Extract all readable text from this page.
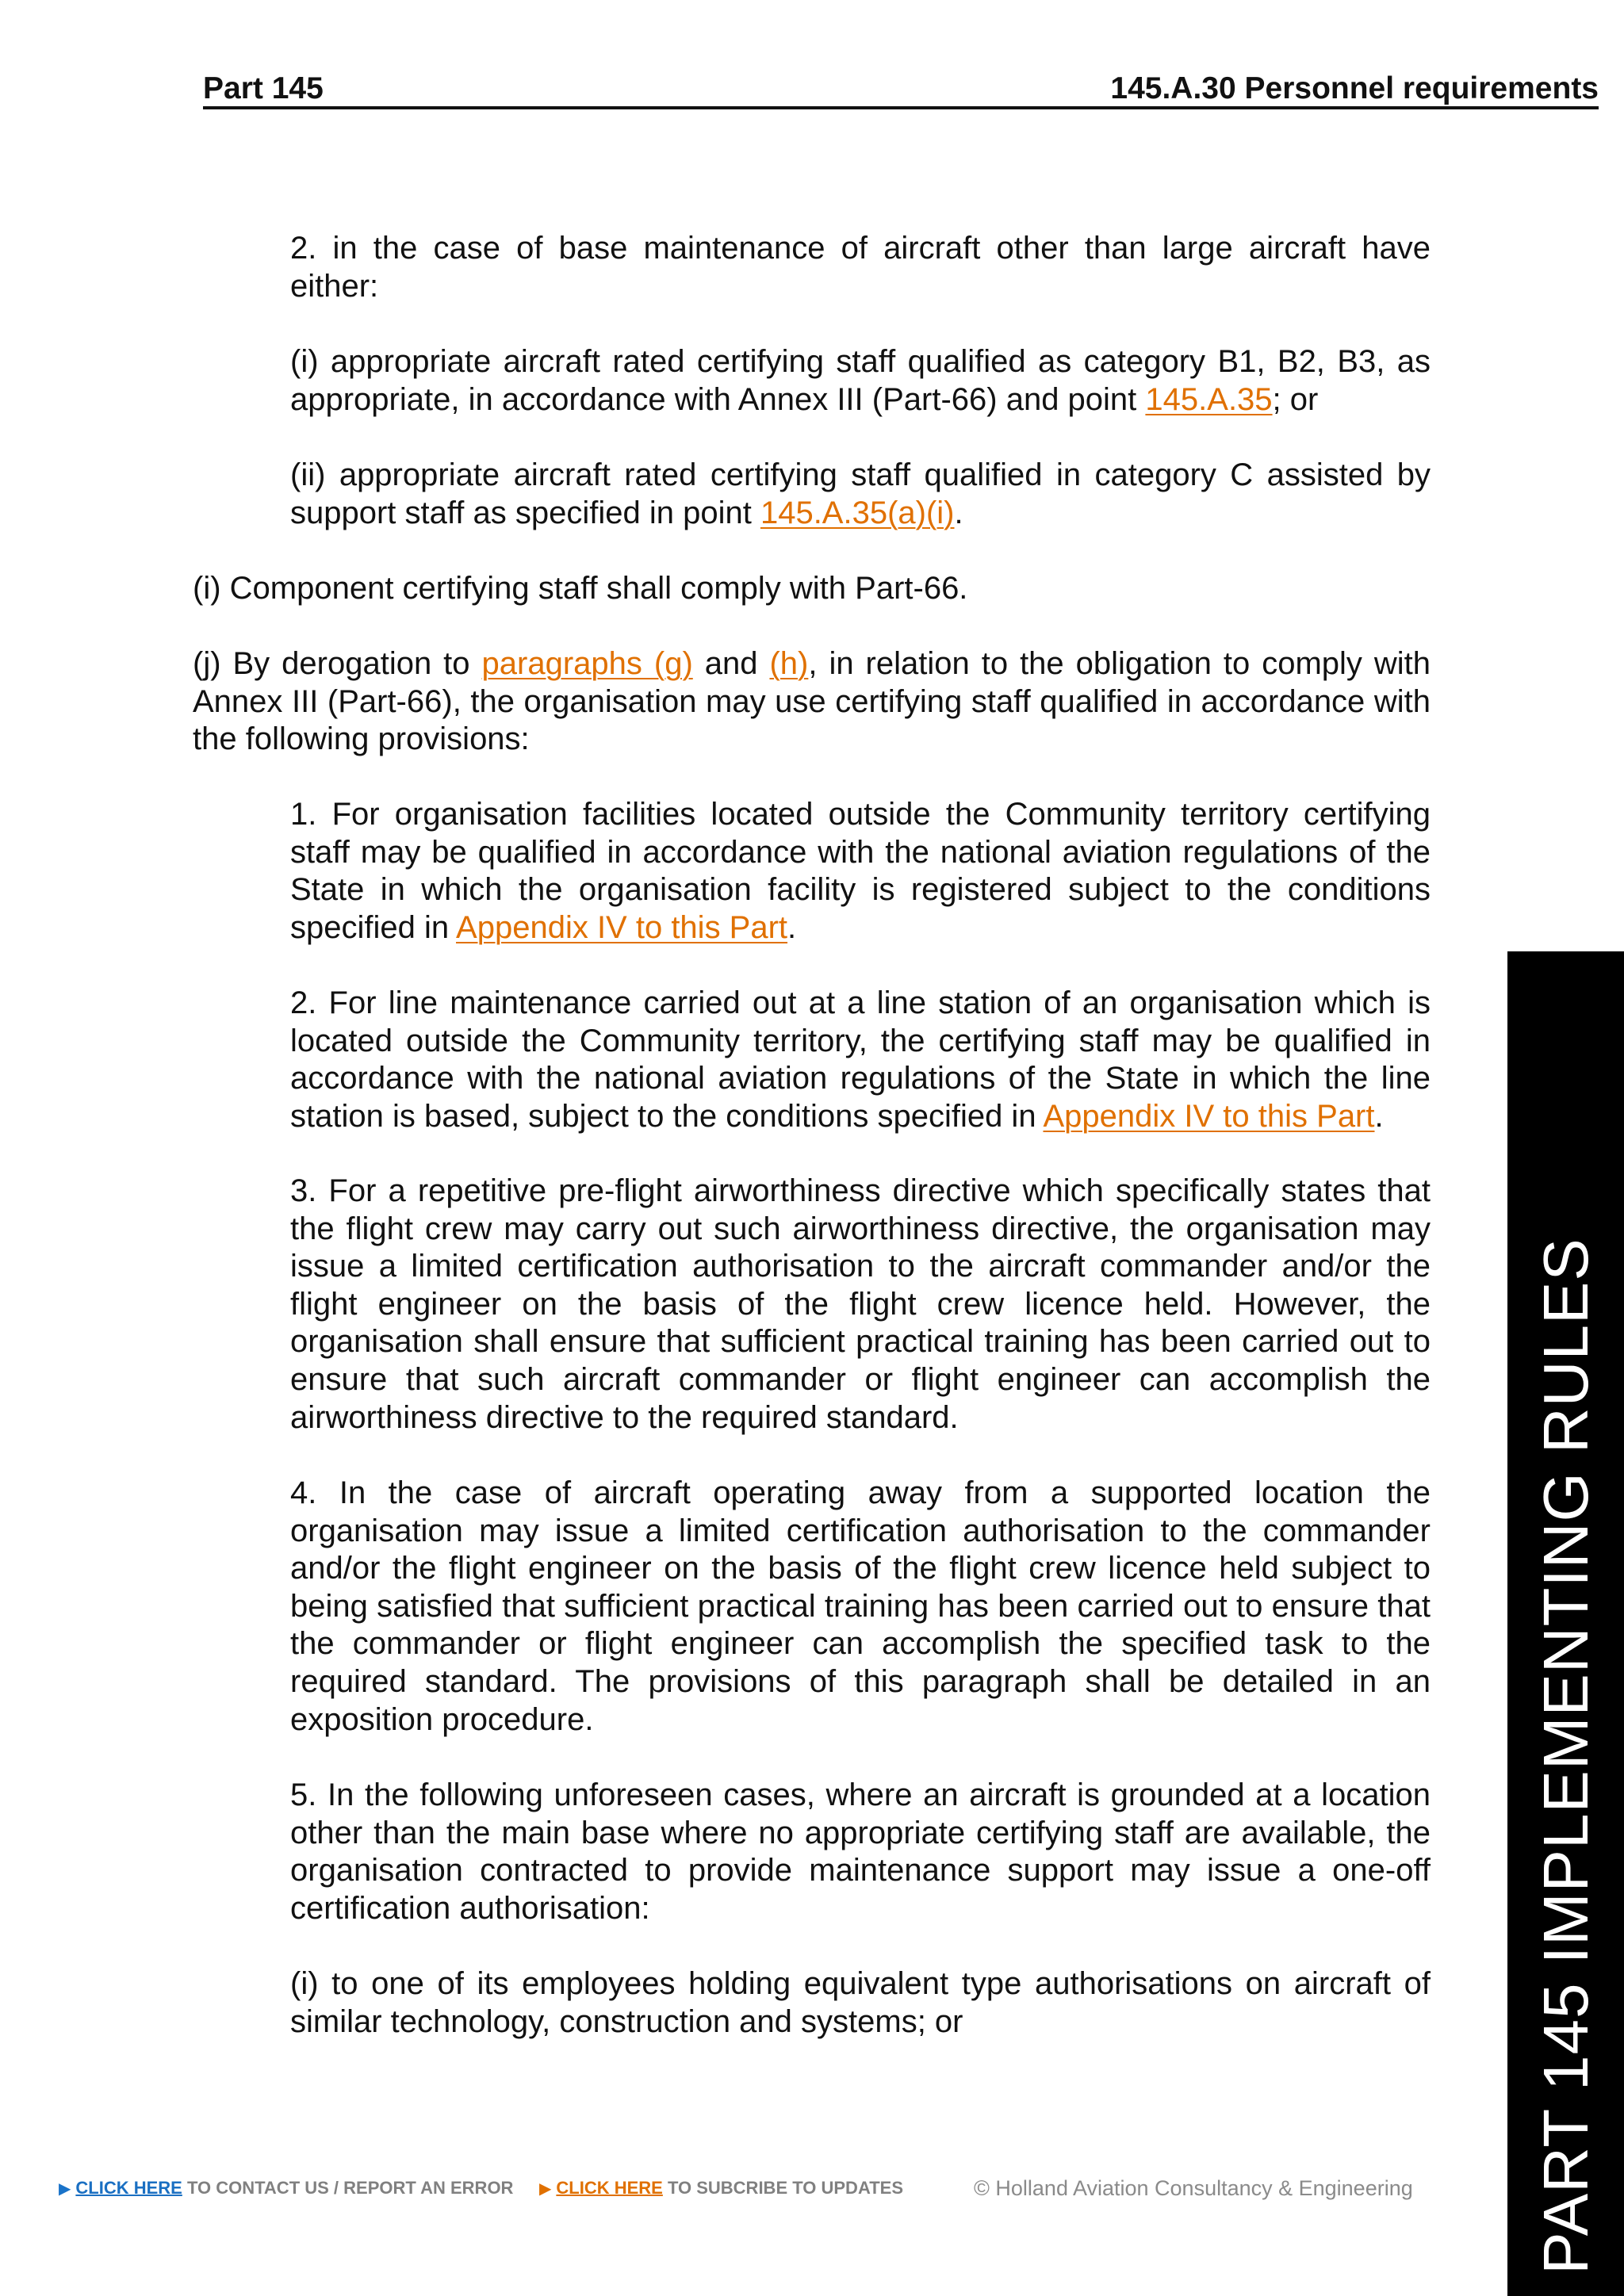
Part 145	145.A.30 Personnel requirements

2. in the case of base maintenance of aircraft other than large aircraft have either:

(i) appropriate aircraft rated certifying staff qualified as category B1, B2, B3, as appropriate, in accordance with Annex III (Part-66) and point 145.A.35; or

(ii) appropriate aircraft rated certifying staff qualified in category C assisted by support staff as specified in point 145.A.35(a)(i).

(i) Component certifying staff shall comply with Part-66.

(j) By derogation to paragraphs (g) and (h), in relation to the obligation to comply with Annex III (Part-66), the organisation may use certifying staff qualified in accordance with the following provisions:

1. For organisation facilities located outside the Community territory certifying staff may be qualified in accordance with the national aviation regulations of the State in which the organisation facility is registered subject to the conditions specified in Appendix IV to this Part.

2. For line maintenance carried out at a line station of an organisation which is located outside the Community territory, the certifying staff may be qualified in accordance with the national aviation regulations of the State in which the line station is based, subject to the conditions specified in Appendix IV to this Part.

3. For a repetitive pre-flight airworthiness directive which specifically states that the flight crew may carry out such airworthiness directive, the organisation may issue a limited certification authorisation to the aircraft commander and/or the flight engineer on the basis of the flight crew licence held. However, the organisation shall ensure that sufficient practical training has been carried out to ensure that such aircraft commander or flight engineer can accomplish the airworthiness directive to the required standard.

4. In the case of aircraft operating away from a supported location the organisation may issue a limited certification authorisation to the commander and/or the flight engineer on the basis of the flight crew licence held subject to being satisfied that sufficient practical training has been carried out to ensure that the commander or flight engineer can accomplish the specified task to the required standard. The provisions of this paragraph shall be detailed in an exposition procedure.

5. In the following unforeseen cases, where an aircraft is grounded at a location other than the main base where no appropriate certifying staff are available, the organisation contracted to provide maintenance support may issue a one-off certification authorisation:

(i) to one of its employees holding equivalent type authorisations on aircraft of similar technology, construction and systems; or	PART 145 IMPLEMENTING RULES
▶ CLICK HERE TO CONTACT US / REPORT AN ERROR ▶ CLICK HERE TO SUBCRIBE TO UPDATES	© Holland Aviation Consultancy & Engineering
